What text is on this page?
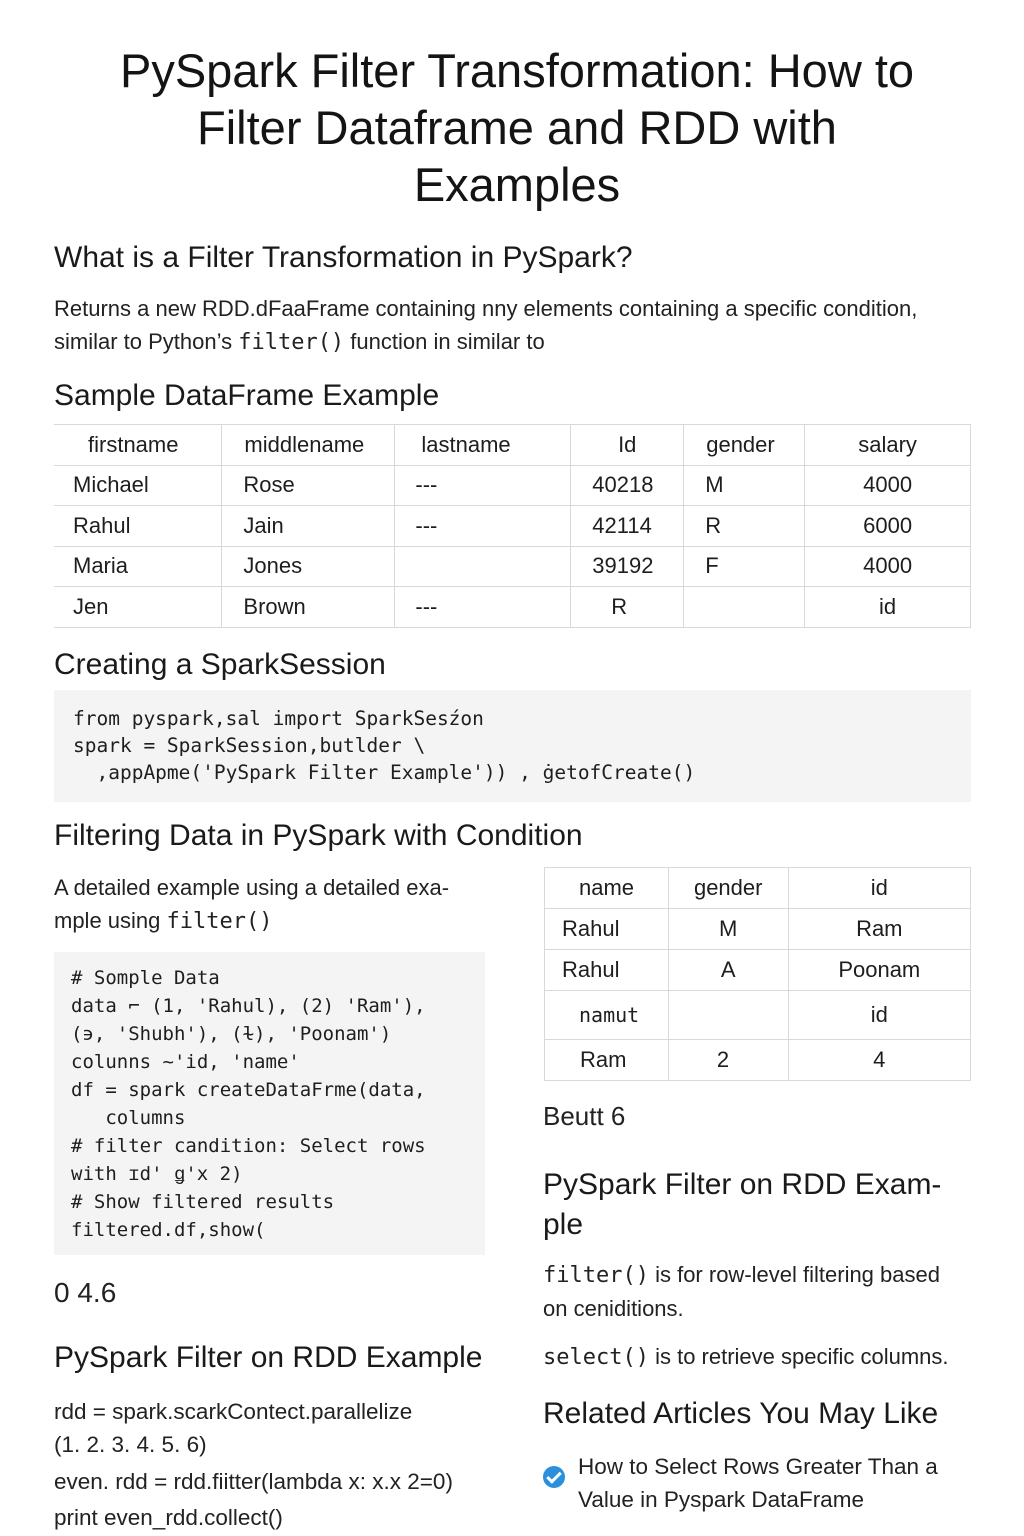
PySpark Filter Transformation: How to Filter Dataframe and RDD with Examples
What is a Filter Transformation in PySpark?

Returns a new RDD.dFaaFrame containing nny elements containing a specific condition,
similar to Python’s filter() function in similar to

Sample DataFrame Example
firstname	middlename	lastname	Id	gender	salary
Michael	Rose	---	40218	M	4000
Rahul	Jain	---	42114	R	6000
Maria	Jones		39192	F	4000
Jen	Brown	---	R		id
Creating a SparkSession
from pyspark,sal import SparkSesźon
spark = SparkSession,butlder \
,appApme('PySpark Filter Example')) , ġetofCreate()
Filtering Data in PySpark with Condition

A detailed example using a detailed exa-
mple using filter()

# Somple Data
data ⌐ (1, 'Rahul), (2) 'Ram'),
(϶, 'Shubh'), (ɫ), 'Poonam')
colunns ~'id, 'name'
df = spark createDataFrme(data,
columns
# filter candition: Select rows
with ɪd' ǥ'x 2)
# Show filtered results
filtered.df,show(
name	gender	id
Rahul	M	Ram
Rahul	A	Poonam
namut		id
Ram	2	4
Beutt 6
0 4.6
PySpark Filter on RDD Example
rdd = spark.scarkContect.parallelize
(1. 2. 3. 4. 5. 6)
even. rdd = rdd.fiitter(lambda x: x.x 2=0)
print even_rdd.collect()
PySpark Filter on RDD Exam-
ple

filter() is for row-level filtering based
on ceniditions.

select() is to retrieve specific columns.

Related Articles You May Like
How to Select Rows Greater Than a Value in Pyspark DataFrame
